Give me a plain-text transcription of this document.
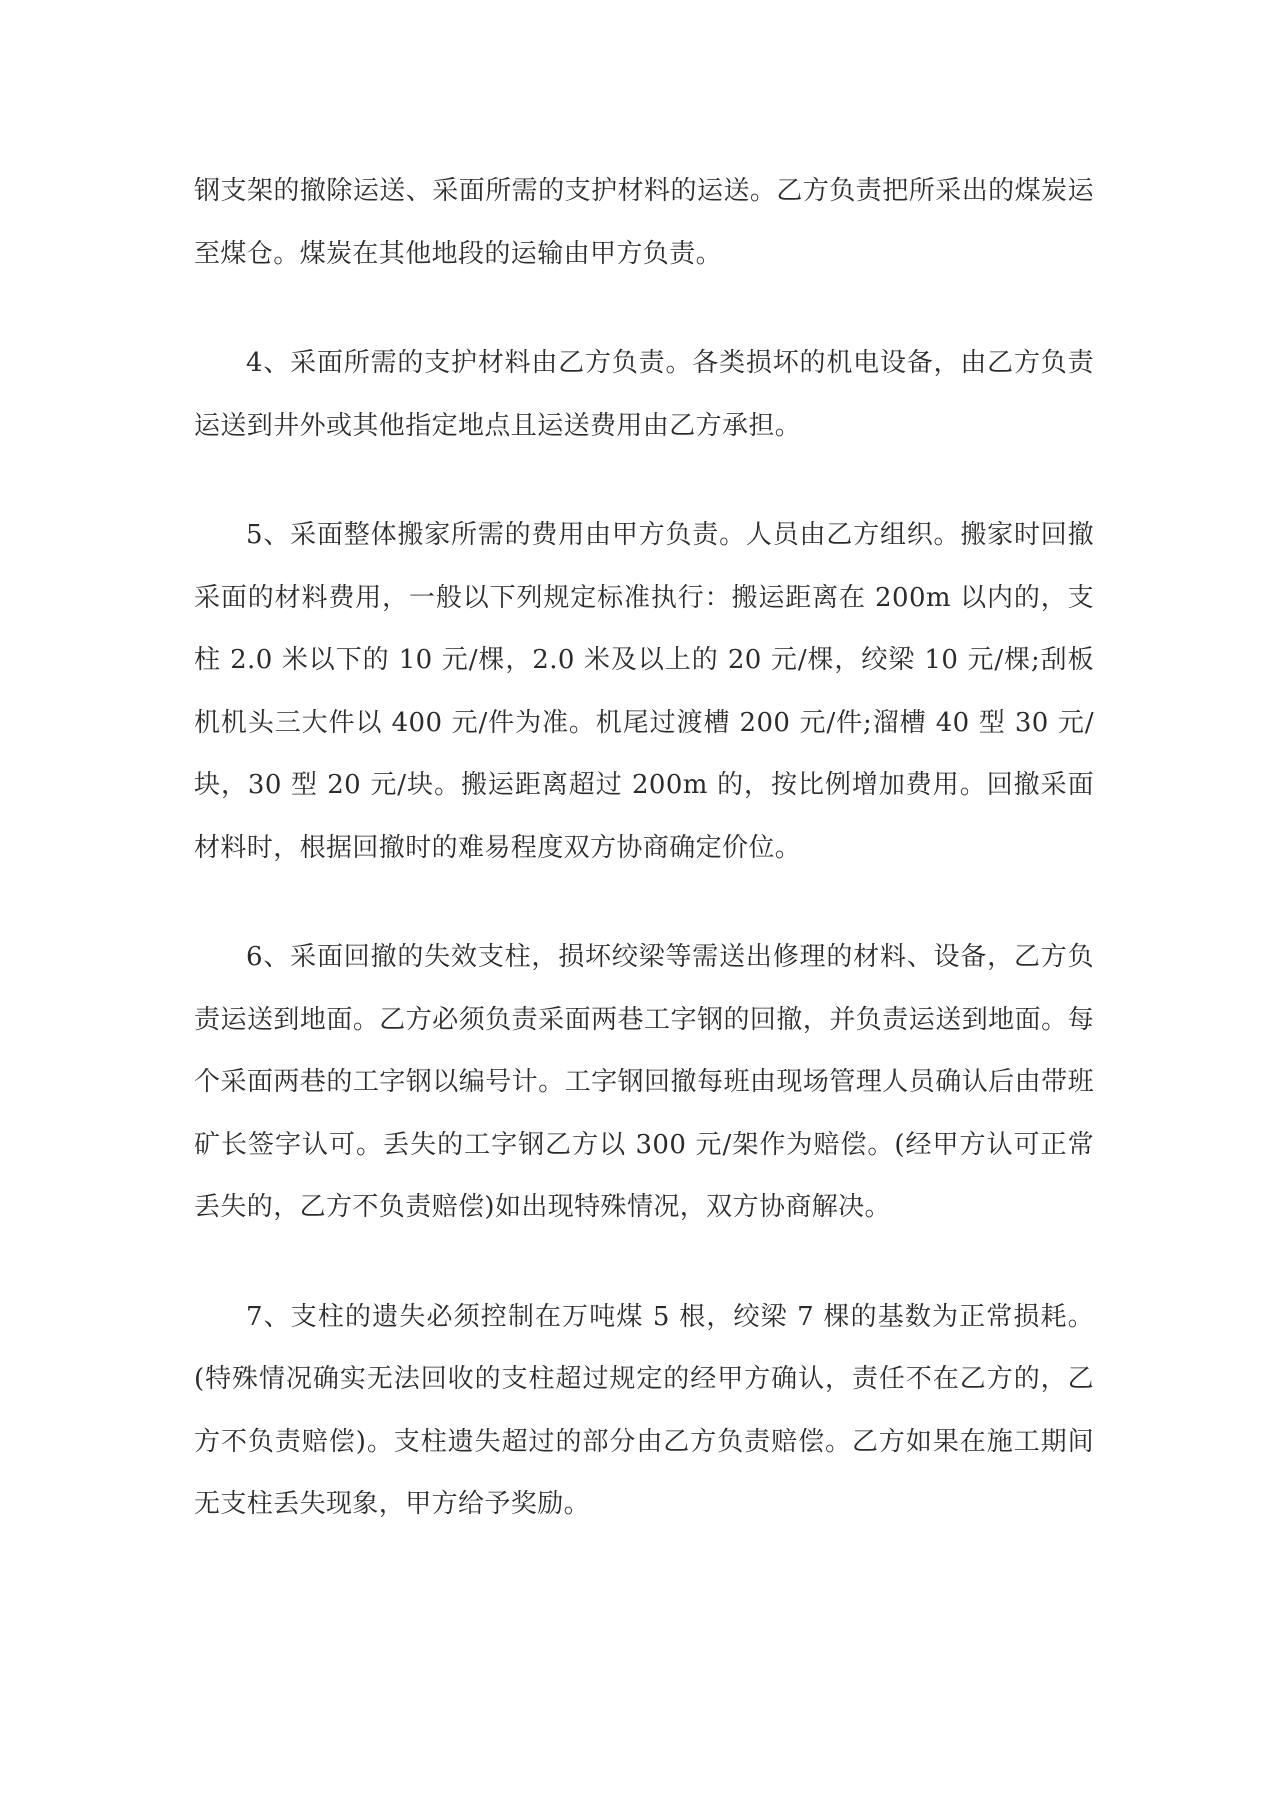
钢支架的撤除运送、采面所需的支护材料的运送。乙方负责把所采出的煤炭运至煤仓。煤炭在其他地段的运输由甲方负责。

4、采面所需的支护材料由乙方负责。各类损坏的机电设备，由乙方负责运送到井外或其他指定地点且运送费用由乙方承担。

5、采面整体搬家所需的费用由甲方负责。人员由乙方组织。搬家时回撤采面的材料费用，一般以下列规定标准执行：搬运距离在 200m 以内的，支柱 2.0 米以下的 10 元/棵，2.0 米及以上的 20 元/棵，绞梁 10 元/棵;刮板机机头三大件以 400 元/件为准。机尾过渡槽 200 元/件;溜槽 40 型 30 元/块，30 型 20 元/块。搬运距离超过 200m 的，按比例增加费用。回撤采面材料时，根据回撤时的难易程度双方协商确定价位。

6、采面回撤的失效支柱，损坏绞梁等需送出修理的材料、设备，乙方负责运送到地面。乙方必须负责采面两巷工字钢的回撤，并负责运送到地面。每个采面两巷的工字钢以编号计。工字钢回撤每班由现场管理人员确认后由带班矿长签字认可。丢失的工字钢乙方以 300 元/架作为赔偿。(经甲方认可正常丢失的，乙方不负责赔偿)如出现特殊情况，双方协商解决。

7、支柱的遗失必须控制在万吨煤 5 根，绞梁 7 棵的基数为正常损耗。(特殊情况确实无法回收的支柱超过规定的经甲方确认，责任不在乙方的，乙方不负责赔偿)。支柱遗失超过的部分由乙方负责赔偿。乙方如果在施工期间无支柱丢失现象，甲方给予奖励。
